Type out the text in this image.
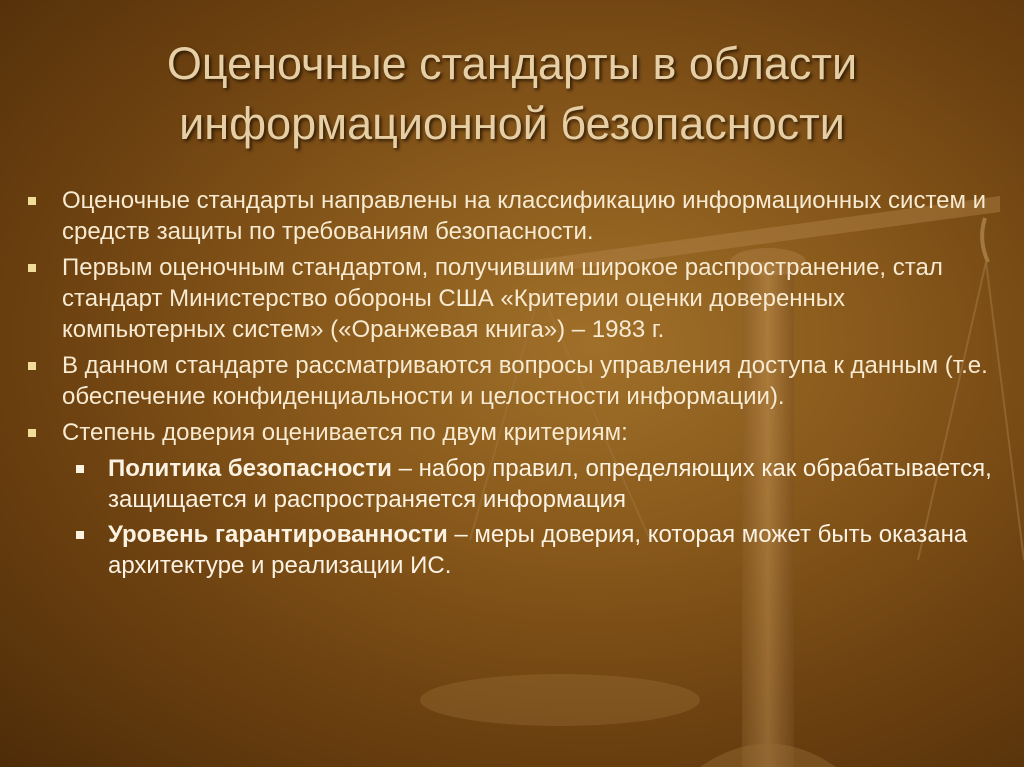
Оценочные стандарты в области
информационной безопасности
Оценочные стандарты направлены на классификацию информационных систем и средств защиты по требованиям безопасности.
Первым оценочным стандартом, получившим широкое распространение, стал стандарт Министерство обороны США «Критерии оценки доверенных компьютерных систем» («Оранжевая книга») – 1983 г.
В данном стандарте рассматриваются вопросы управления доступа к данным (т.е. обеспечение конфиденциальности и целостности информации).
Степень доверия оценивается по двум критериям:
Политика безопасности – набор правил, определяющих как обрабатывается, защищается и распространяется информация
Уровень гарантированности – меры доверия, которая может быть оказана архитектуре и реализации ИС.
